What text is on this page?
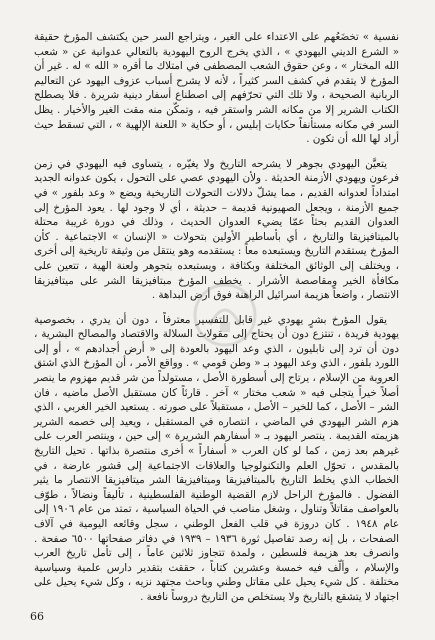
نفسية » تخضَعُهم على الاعتداء على الغير ، ويتراجع السر حين يكتشف المؤرخ حقيقة « الشرع الديني اليهودي » ، الذي يخرج الروح اليهودية بالتعالي عدوانية عن « شعب الله المختار » ، وعن حقوق الشعب المصطفى في امتلاك ما أقره « الله » له . غير أن المؤرخ لا يتقدم في كشف السر كثيراً ، لأنه لا يشرح أسباب عزوف اليهود عن التعاليم الربانية الصحيحة ، ولا تلك التي تحرّفهم إلى اصطناع أسفار دينية شريرة . فلا يصطلح الكتاب الشرير إلا من مكانه الشر واستقر فيه ، وتمكّن منه مقت الغير والأخيار . يظل السر في مكانه مستأنفاً حكايات إبليس ، أو حكاية « اللعنة الإلهية » ، التي تسقط حيث أراد لها الله أن تكون .

يتعيَّن اليهودي بجوهر لا يشرحه التاريخ ولا يغيّره ، يتساوى فيه اليهودي في زمن فرعون ويهودي الأزمنة الحديثة . ولأن اليهودي عصي على التحول ، يكون عدوانه الجديد امتداداً لعدوانه القديم ، مما يشلّ دلالات التحولات التاريخية ويضع « وعد بلفور » في جميع الأزمنة ، ويجعل الصهيونية قديمة – حديثة ، أي لا وجود لها . يعود المؤرخ إلى العدوان القديم بحثاً عمّا يضيء العدوان الحديث ، وذلك في دورة غريبة محتلة بالميتافيزيقا والتاريخ ، أي بأساطير الأولين بتحولات « الإنسان » الاجتماعية . كأن المؤرخ يستقدم التاريخ ويستبعده معاً : يستقدمه وهو ينتقل من وثيقة تاريخية إلى أخرى ، ويختلف إلى الوثائق المختلفة وبكثافة ، ويستبعده بتجوهر ولعنة الهية ، تتعين على مكافأة الخير ومقاصصة الأشرار . يخطف المؤرخ مبتافيزيقا الشر على ميتافيزيقا الانتصار ، واضعاً هزيمة اسرائيل الراهنة فوق أرض البداهة .

يقول المؤرخ بشرٍ يهودي غير قابل للتفسير معترفاً ، دون أن يدري ، بخصوصية يهودية فريدة ، تنتزع دون أن يحتاج إلى مقولات السلالة والاقتصاد والمصالح البشرية ، دون أن ترد إلى نابليون ، الذي وعد اليهود بالعودة إلى « أرض أجدادهم » ، أو إلى اللورد بلفور ، الذي وعد اليهود بـ « وطن قومي » . وواقع الأمر ، أن المؤرخ الذي اشتق العروبة من الإسلام ، يرتاح إلى أسطورة الأصل ، مستولداً من شر قديم مهزوم ما ينصر أصلاً خيراً يتجلى فيه « شعب مختار » آخر . قارئاً كان مستقبل الأصل ماضيه ، فان الشر – الأصل ، كما للخير – الأصل ، مستقبلاً على صورته . يستعيد الخير الغربي ، الذي هزم الشر اليهودي في الماضي ، انتصاره في المستقبل ، ويعيد إلى خصمه الشرير هزيمته القديمة . ينتصر اليهود بـ « أسفارهم الشريرة » إلى حين ، وينتصر العرب على غيرهم بعد زمن ، كما لو كان العرب « أسفاراً » أخرى منتصرة بذاتها . تحيل التاريخ بالمقدس ، تحوّل العلم والتكنولوجيا والعلاقات الاجتماعية إلى قشور عارضة ، في الخطاب الذي يخلط التاريخ بالميتافيزيقا وميتافيزيقا الشر ميتافيزيقا الانتصار ما يثير الفضول . فالمؤرخ الراحل لازم القضية الوطنية الفلسطينية ، تأليفاً ونضالاً ، طوّف بالعواصف مقاتلاً وتناول ، وشغل مناصب في الحياة السياسية ، تمتد من عام ١٩٠٦ إلى عام ١٩٤٨ . كان دروزة في قلب الفعل الوطني ، سجل وقائعه اليومية في آلاف الصفحات ، بل إنه رصد تفاصيل ثورة ١٩٣٦ – ١٩٣٩ في دفاتر صفحاتها ٦٥٠٠ صفحة . وانصرف بعد هزيمة فلسطين ، ولمدة تتجاوز ثلاثين عاماً ، إلى تأمل تاريخ العرب والإسلام ، وألّف فيه خمسة وعشرين كتاباً ، حققت بتقدير دارس علمية وسياسية مختلفة . كل شيء يحيل على مقاتل وطني وباحث مجتهد نزيه ، وكل شيء يحيل على اجتهاد لا يتشقع بالتاريخ ولا يستخلص من التاريخ دروساً نافعة .

66
